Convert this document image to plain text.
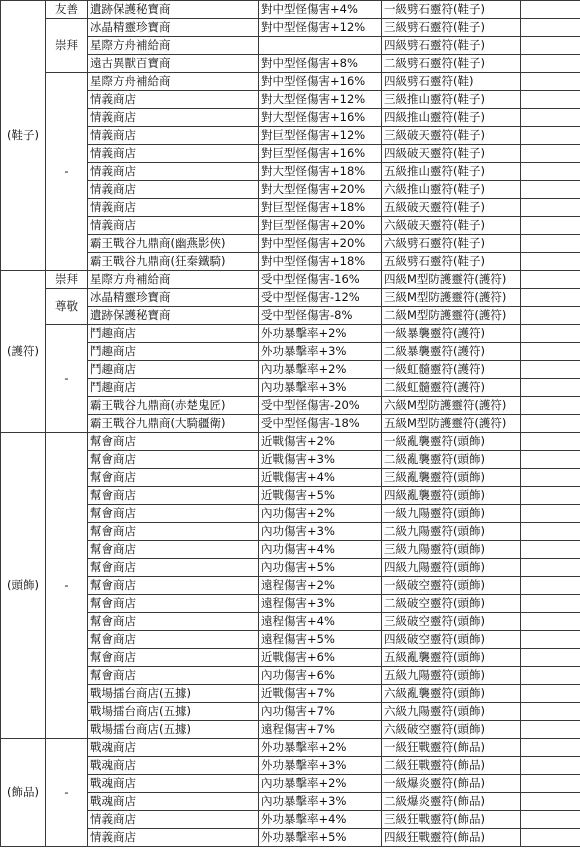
(鞋子)	友善	遺跡保護秘寶商	對中型怪傷害+4%	一級劈石靈符(鞋子)	
	崇拜	冰晶精靈珍寶商	對中型怪傷害+12%	三級劈石靈符(鞋子)	
		星際方舟補給商		四級劈石靈符(鞋子)	
		遠古異獸百寶商	對中型怪傷害+8%	二級劈石靈符(鞋子)	
	-	星際方舟補給商	對中型怪傷害+16%	四級劈石靈符(鞋)	
		情義商店	對大型怪傷害+12%	三級推山靈符(鞋子)	
		情義商店	對大型怪傷害+16%	四級推山靈符(鞋子)	
		情義商店	對巨型怪傷害+12%	三級破天靈符(鞋子)	
		情義商店	對巨型怪傷害+16%	四級破天靈符(鞋子)	
		情義商店	對大型怪傷害+18%	五級推山靈符(鞋子)	
		情義商店	對大型怪傷害+20%	六級推山靈符(鞋子)	
		情義商店	對巨型怪傷害+18%	五級破天靈符(鞋子)	
		情義商店	對巨型怪傷害+20%	六級破天靈符(鞋子)	
		霸王戰谷九鼎商(幽燕影俠)	對中型怪傷害+20%	六級劈石靈符(鞋子)	
		霸王戰谷九鼎商(狂秦鐵騎)	對中型怪傷害+18%	五級劈石靈符(鞋子)	
(護符)	崇拜	星際方舟補給商	受中型怪傷害-16%	四級M型防護靈符(護符)	
	尊敬	冰晶精靈珍寶商	受中型怪傷害-12%	三級M型防護靈符(護符)	
		遺跡保護秘寶商	受中型怪傷害-8%	二級M型防護靈符(護符)	
	-	鬥趣商店	外功暴擊率+2%	一級暴襲靈符(護符)	
		鬥趣商店	外功暴擊率+3%	二級暴襲靈符(護符)	
		鬥趣商店	內功暴擊率+2%	一級虹髓靈符(護符)	
		鬥趣商店	內功暴擊率+3%	二級虹髓靈符(護符)	
		霸王戰谷九鼎商(赤楚鬼匠)	受中型怪傷害-20%	六級M型防護靈符(護符)	
		霸王戰谷九鼎商(大騎疆衛)	受中型怪傷害-18%	五級M型防護靈符(護符)	
(頭飾)	-	幫會商店	近戰傷害+2%	一級亂襲靈符(頭飾)	
		幫會商店	近戰傷害+3%	二級亂襲靈符(頭飾)	
		幫會商店	近戰傷害+4%	三級亂襲靈符(頭飾)	
		幫會商店	近戰傷害+5%	四級亂襲靈符(頭飾)	
		幫會商店	內功傷害+2%	一級九陽靈符(頭飾)	
		幫會商店	內功傷害+3%	二級九陽靈符(頭飾)	
		幫會商店	內功傷害+4%	三級九陽靈符(頭飾)	
		幫會商店	內功傷害+5%	四級九陽靈符(頭飾)	
		幫會商店	遠程傷害+2%	一級破空靈符(頭飾)	
		幫會商店	遠程傷害+3%	二級破空靈符(頭飾)	
		幫會商店	遠程傷害+4%	三級破空靈符(頭飾)	
		幫會商店	遠程傷害+5%	四級破空靈符(頭飾)	
		幫會商店	近戰傷害+6%	五級亂襲靈符(頭飾)	
		幫會商店	內功傷害+6%	五級九陽靈符(頭飾)	
		戰場擂台商店(五據)	近戰傷害+7%	六級亂襲靈符(頭飾)	
		戰場擂台商店(五據)	內功傷害+7%	六級九陽靈符(頭飾)	
		戰場擂台商店(五據)	遠程傷害+7%	六級破空靈符(頭飾)	
(飾品)	-	戰魂商店	外功暴擊率+2%	一級狂戰靈符(飾品)	
		戰魂商店	外功暴擊率+3%	二級狂戰靈符(飾品)	
		戰魂商店	內功暴擊率+2%	一級爆炎靈符(飾品)	
		戰魂商店	內功暴擊率+3%	二級爆炎靈符(飾品)	
		情義商店	外功暴擊率+4%	三級狂戰靈符(飾品)	
		情義商店	外功暴擊率+5%	四級狂戰靈符(飾品)	
